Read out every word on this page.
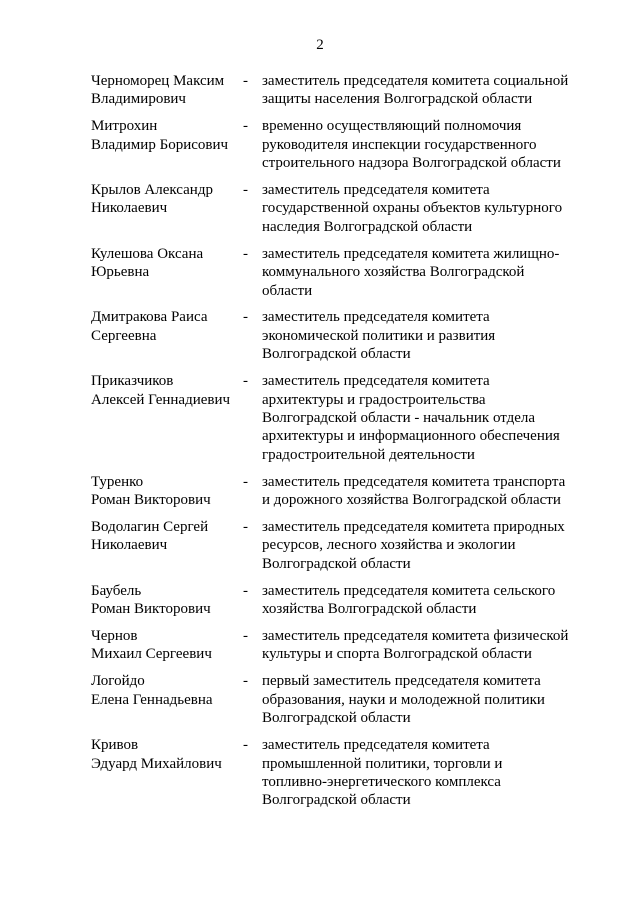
2
Черноморец Максим
Владимирович
- заместитель председателя комитета социальной
защиты населения Волгоградской области
Митрохин
Владимир Борисович
- временно осуществляющий полномочия
руководителя инспекции государственного
строительного надзора Волгоградской области
Крылов Александр
Николаевич
- заместитель председателя комитета
государственной охраны объектов культурного
наследия Волгоградской области
Кулешова Оксана
Юрьевна
- заместитель председателя комитета жилищно-
коммунального хозяйства Волгоградской
области
Дмитракова Раиса
Сергеевна
- заместитель председателя комитета
экономической политики и развития
Волгоградской области
Приказчиков
Алексей Геннадиевич
- заместитель председателя комитета
архитектуры и градостроительства
Волгоградской области - начальник отдела
архитектуры и информационного обеспечения
градостроительной деятельности
Туренко
Роман Викторович
- заместитель председателя комитета транспорта
и дорожного хозяйства Волгоградской области
Водолагин Сергей
Николаевич
- заместитель председателя комитета природных
ресурсов, лесного хозяйства и экологии
Волгоградской области
Баубель
Роман Викторович
- заместитель председателя комитета сельского
хозяйства Волгоградской области
Чернов
Михаил Сергеевич
- заместитель председателя комитета физической
культуры и спорта Волгоградской области
Логойдо
Елена Геннадьевна
- первый заместитель председателя комитета
образования, науки и молодежной политики
Волгоградской области
Кривов
Эдуард Михайлович
- заместитель председателя комитета
промышленной политики, торговли и
топливно-энергетического комплекса
Волгоградской области
